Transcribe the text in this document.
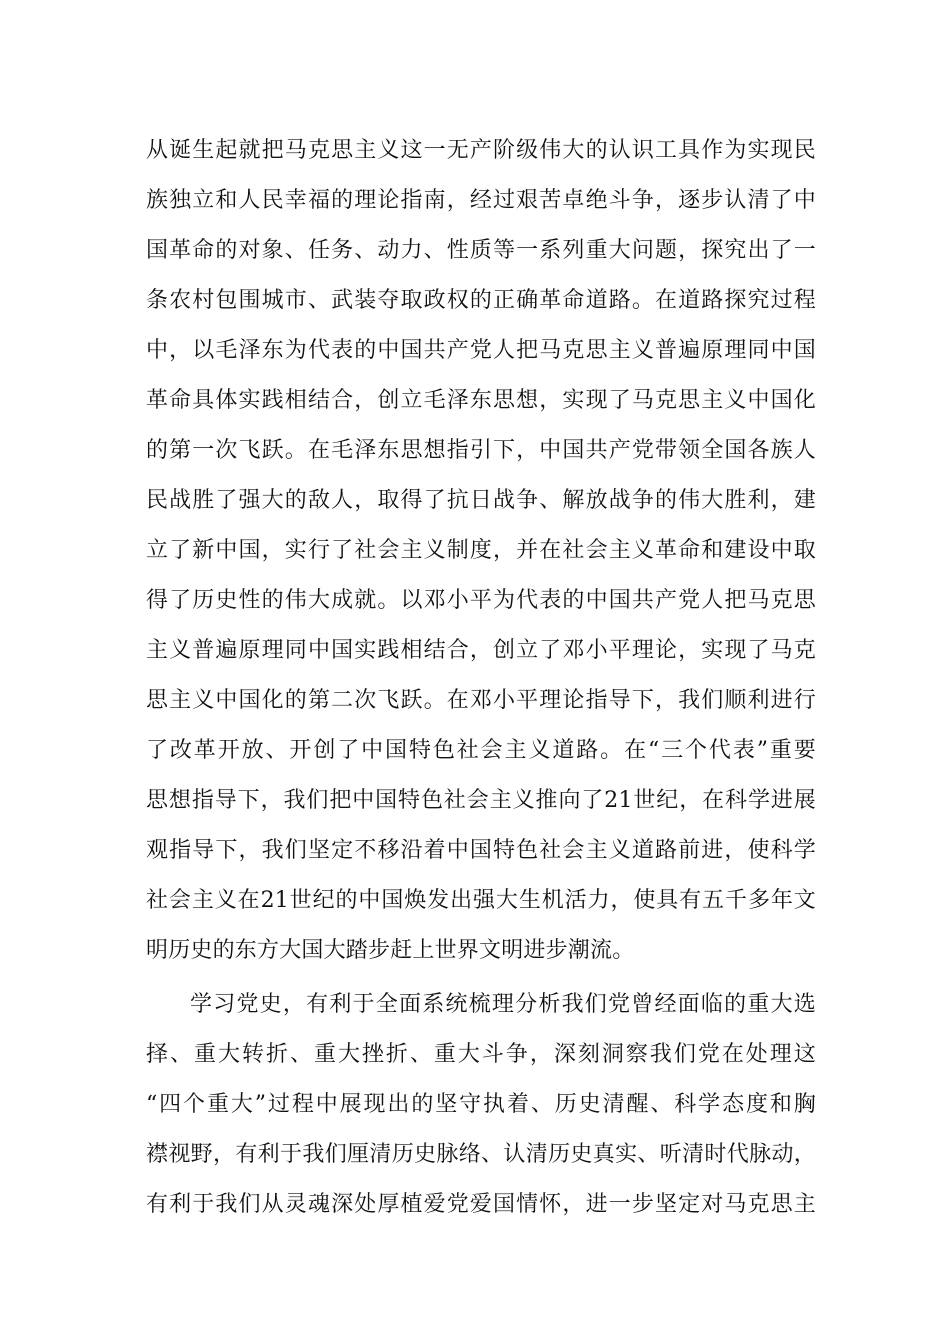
从诞生起就把马克思主义这一无产阶级伟大的认识工具作为实现民
族独立和人民幸福的理论指南，经过艰苦卓绝斗争，逐步认清了中
国革命的对象、任务、动力、性质等一系列重大问题，探究出了一
条农村包围城市、武装夺取政权的正确革命道路。在道路探究过程
中，以毛泽东为代表的中国共产党人把马克思主义普遍原理同中国
革命具体实践相结合，创立毛泽东思想，实现了马克思主义中国化
的第一次飞跃。在毛泽东思想指引下，中国共产党带领全国各族人
民战胜了强大的敌人，取得了抗日战争、解放战争的伟大胜利，建
立了新中国，实行了社会主义制度，并在社会主义革命和建设中取
得了历史性的伟大成就。以邓小平为代表的中国共产党人把马克思
主义普遍原理同中国实践相结合，创立了邓小平理论，实现了马克
思主义中国化的第二次飞跃。在邓小平理论指导下，我们顺利进行
了改革开放、开创了中国特色社会主义道路。在“三个代表”重要
思想指导下，我们把中国特色社会主义推向了21世纪，在科学进展
观指导下，我们坚定不移沿着中国特色社会主义道路前进，使科学
社会主义在21世纪的中国焕发出强大生机活力，使具有五千多年文
明历史的东方大国大踏步赶上世界文明进步潮流。
学习党史，有利于全面系统梳理分析我们党曾经面临的重大选
择、重大转折、重大挫折、重大斗争，深刻洞察我们党在处理这
“四个重大”过程中展现出的坚守执着、历史清醒、科学态度和胸
襟视野，有利于我们厘清历史脉络、认清历史真实、听清时代脉动，
有利于我们从灵魂深处厚植爱党爱国情怀，进一步坚定对马克思主
